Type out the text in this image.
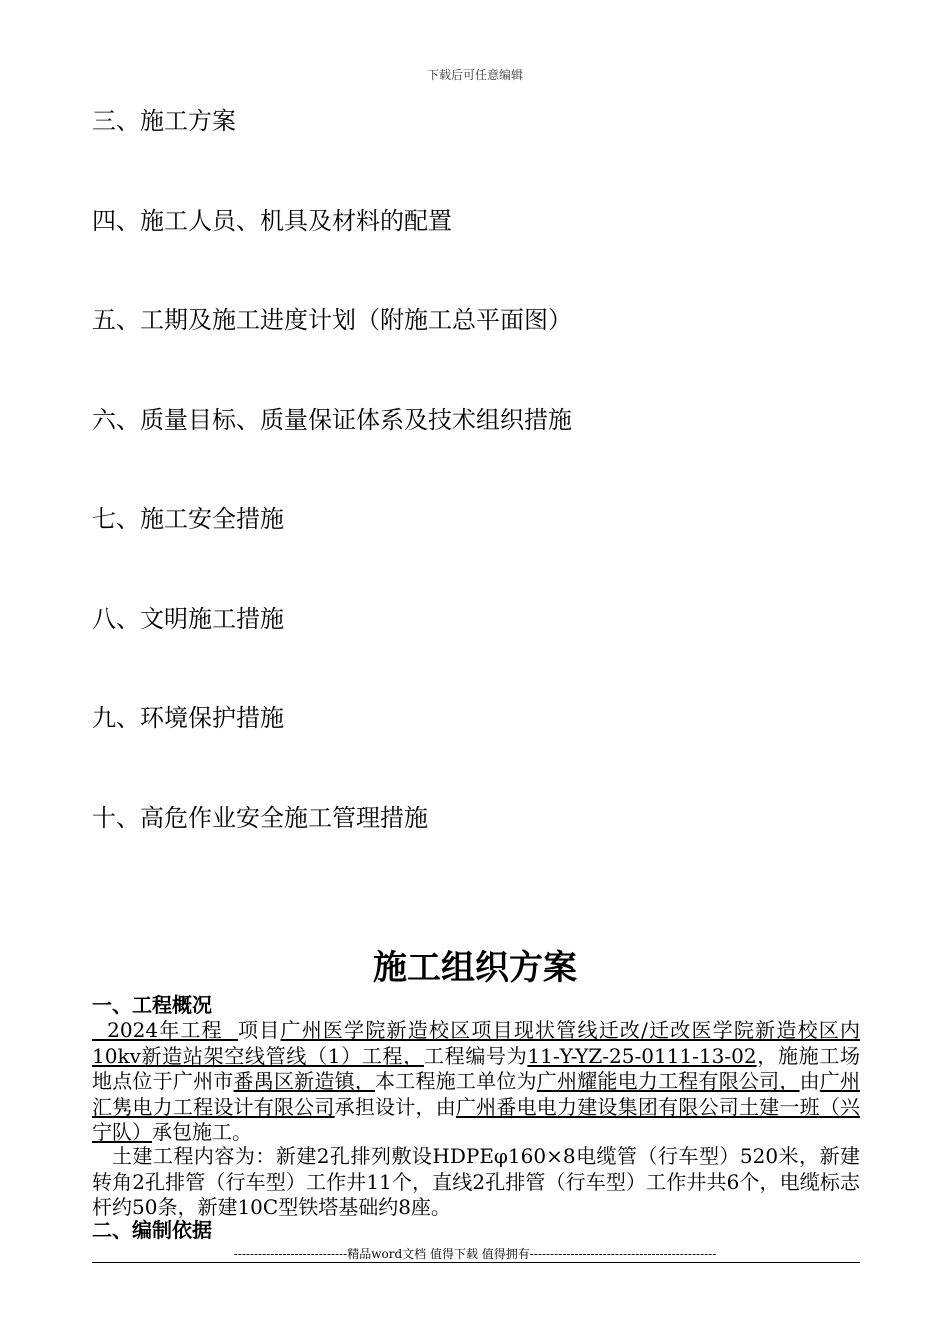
下载后可任意编辑
三、施工方案
四、施工人员、机具及材料的配置
五、工期及施工进度计划（附施工总平面图）
六、质量目标、质量保证体系及技术组织措施
七、施工安全措施
八、文明施工措施
九、环境保护措施
十、高危作业安全施工管理措施
施工组织方案
一、工程概况
2024年工程  项目广州医学院新造校区项目现状管线迁改/迁改医学院新造校区内10kv新造站架空线管线（1）工程，工程编号为11-Y-YZ-25-0111-13-02，施施工场地点位于广州市番禺区新造镇，本工程施工单位为广州耀能电力工程有限公司，由广州汇隽电力工程设计有限公司承担设计，由广州番电电力建设集团有限公司土建一班（兴宁队）承包施工。
土建工程内容为：新建2孔排列敷设HDPEφ160×8电缆管（行车型）520米，新建转角2孔排管（行车型）工作井11个，直线2孔排管（行车型）工作井共6个，电缆标志杆约50条，新建10C型铁塔基础约8座。
二、编制依据
----------------------------精品word文档 值得下载 值得拥有----------------------------------------------
